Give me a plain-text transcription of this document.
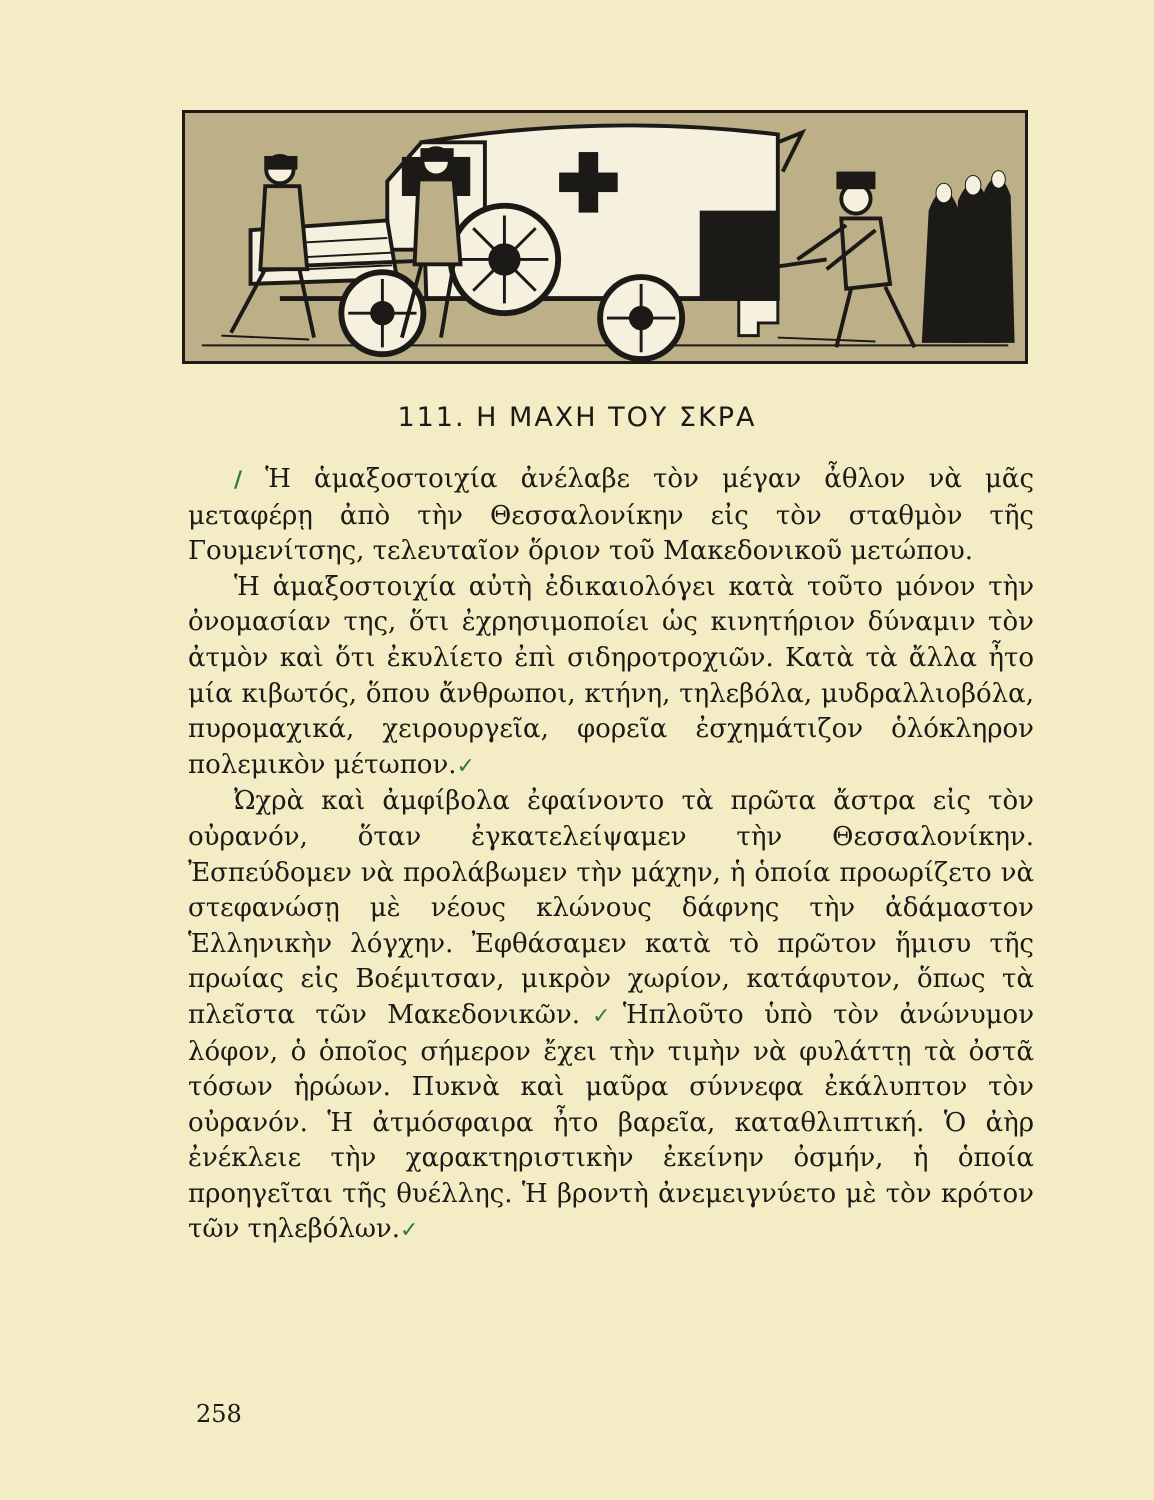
111. Η ΜΑΧΗ ΤΟΥ ΣΚΡΑ

/ Ἡ ἁμαξοστοιχία ἀνέλαβε τὸν μέγαν ἆθλον νὰ μᾶς μεταφέρῃ ἀπὸ τὴν Θεσσαλονίκην εἰς τὸν σταθμὸν τῆς Γουμενίτσης, τελευταῖον ὅριον τοῦ Μακεδονικοῦ μετώπου.

Ἡ ἁμαξοστοιχία αὐτὴ ἐδικαιολόγει κατὰ τοῦτο μόνον τὴν ὀνομασίαν της, ὅτι ἐχρησιμοποίει ὡς κινητήριον δύναμιν τὸν ἀτμὸν καὶ ὅτι ἐκυλίετο ἐπὶ σιδηροτροχιῶν. Κατὰ τὰ ἄλλα ἦτο μία κιβωτός, ὅπου ἄνθρωποι, κτήνη, τηλεβόλα, μυδραλλιοβόλα, πυρομαχικά, χειρουργεῖα, φορεῖα ἐσχημάτιζον ὁλόκληρον πολεμικὸν μέτωπον.✓

Ὠχρὰ καὶ ἀμφίβολα ἐφαίνοντο τὰ πρῶτα ἄστρα εἰς τὸν οὐρανόν, ὅταν ἐγκατελείψαμεν τὴν Θεσσαλονίκην. Ἐσπεύδομεν νὰ προλάβωμεν τὴν μάχην, ἡ ὁποία προωρίζετο νὰ στεφανώσῃ μὲ νέους κλώνους δάφνης τὴν ἀδάμαστον Ἑλληνικὴν λόγχην. Ἐφθάσαμεν κατὰ τὸ πρῶτον ἥμισυ τῆς πρωίας εἰς Βοέμιτσαν, μικρὸν χωρίον, κατάφυτον, ὅπως τὰ πλεῖστα τῶν Μακεδονικῶν.✓Ἡπλοῦτο ὑπὸ τὸν ἀνώνυμον λόφον, ὁ ὁποῖος σήμερον ἔχει τὴν τιμὴν νὰ φυλάττῃ τὰ ὀστᾶ τόσων ἡρώων. Πυκνὰ καὶ μαῦρα σύννεφα ἐκάλυπτον τὸν οὐρανόν. Ἡ ἀτμόσφαιρα ἦτο βαρεῖα, καταθλιπτική. Ὁ ἀὴρ ἐνέκλειε τὴν χαρακτηριστικὴν ἐκείνην ὀσμήν, ἡ ὁποία προηγεῖται τῆς θυέλλης. Ἡ βροντὴ ἀνεμειγνύετο μὲ τὸν κρότον τῶν τηλεβόλων.✓

258
